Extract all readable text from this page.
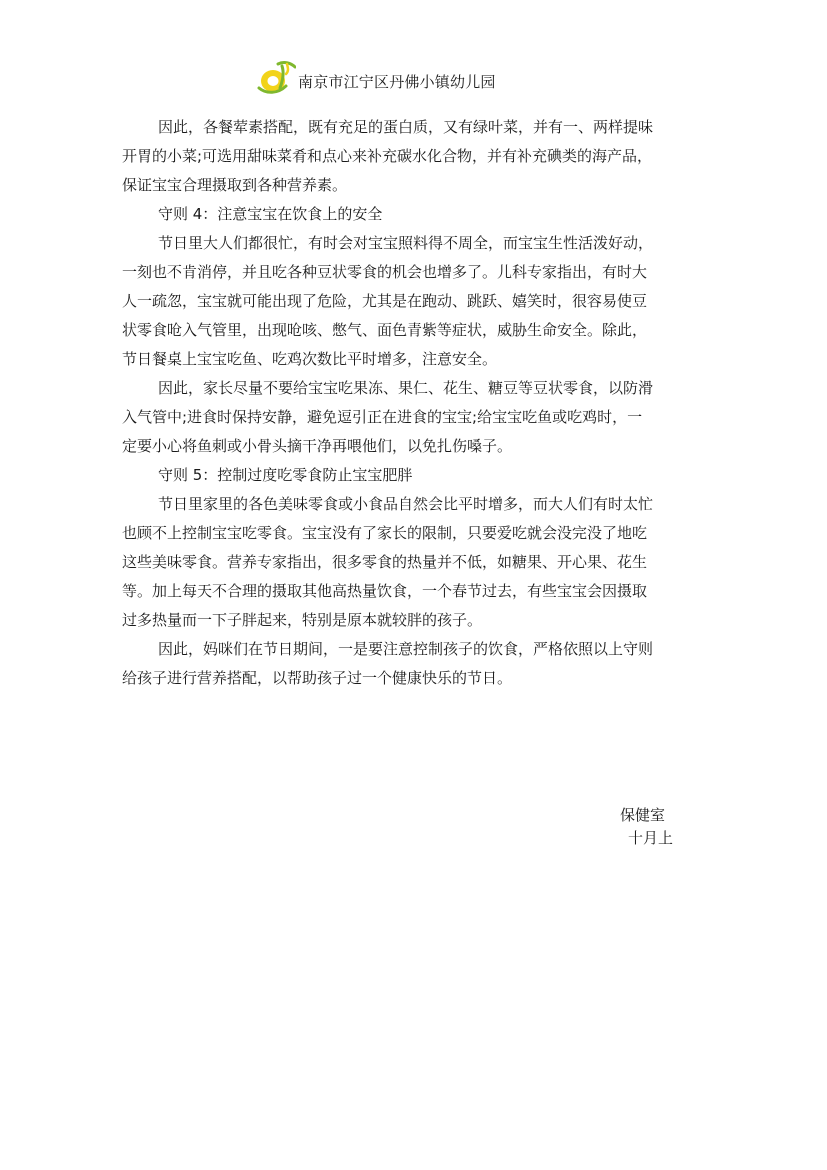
南京市江宁区丹佛小镇幼儿园

因此，各餐荤素搭配，既有充足的蛋白质，又有绿叶菜，并有一、两样提味
开胃的小菜;可选用甜味菜肴和点心来补充碳水化合物，并有补充碘类的海产品，
保证宝宝合理摄取到各种营养素。

守则 4：注意宝宝在饮食上的安全

节日里大人们都很忙，有时会对宝宝照料得不周全，而宝宝生性活泼好动，
一刻也不肯消停，并且吃各种豆状零食的机会也增多了。儿科专家指出，有时大
人一疏忽，宝宝就可能出现了危险，尤其是在跑动、跳跃、嬉笑时，很容易使豆
状零食呛入气管里，出现呛咳、憋气、面色青紫等症状，威胁生命安全。除此，
节日餐桌上宝宝吃鱼、吃鸡次数比平时增多，注意安全。

因此，家长尽量不要给宝宝吃果冻、果仁、花生、糖豆等豆状零食，以防滑
入气管中;进食时保持安静，避免逗引正在进食的宝宝;给宝宝吃鱼或吃鸡时，一
定要小心将鱼刺或小骨头摘干净再喂他们，以免扎伤嗓子。

守则 5：控制过度吃零食防止宝宝肥胖

节日里家里的各色美味零食或小食品自然会比平时增多，而大人们有时太忙
也顾不上控制宝宝吃零食。宝宝没有了家长的限制，只要爱吃就会没完没了地吃
这些美味零食。营养专家指出，很多零食的热量并不低，如糖果、开心果、花生
等。加上每天不合理的摄取其他高热量饮食，一个春节过去，有些宝宝会因摄取
过多热量而一下子胖起来，特别是原本就较胖的孩子。

因此，妈咪们在节日期间，一是要注意控制孩子的饮食，严格依照以上守则
给孩子进行营养搭配，以帮助孩子过一个健康快乐的节日。

保健室
十月上
